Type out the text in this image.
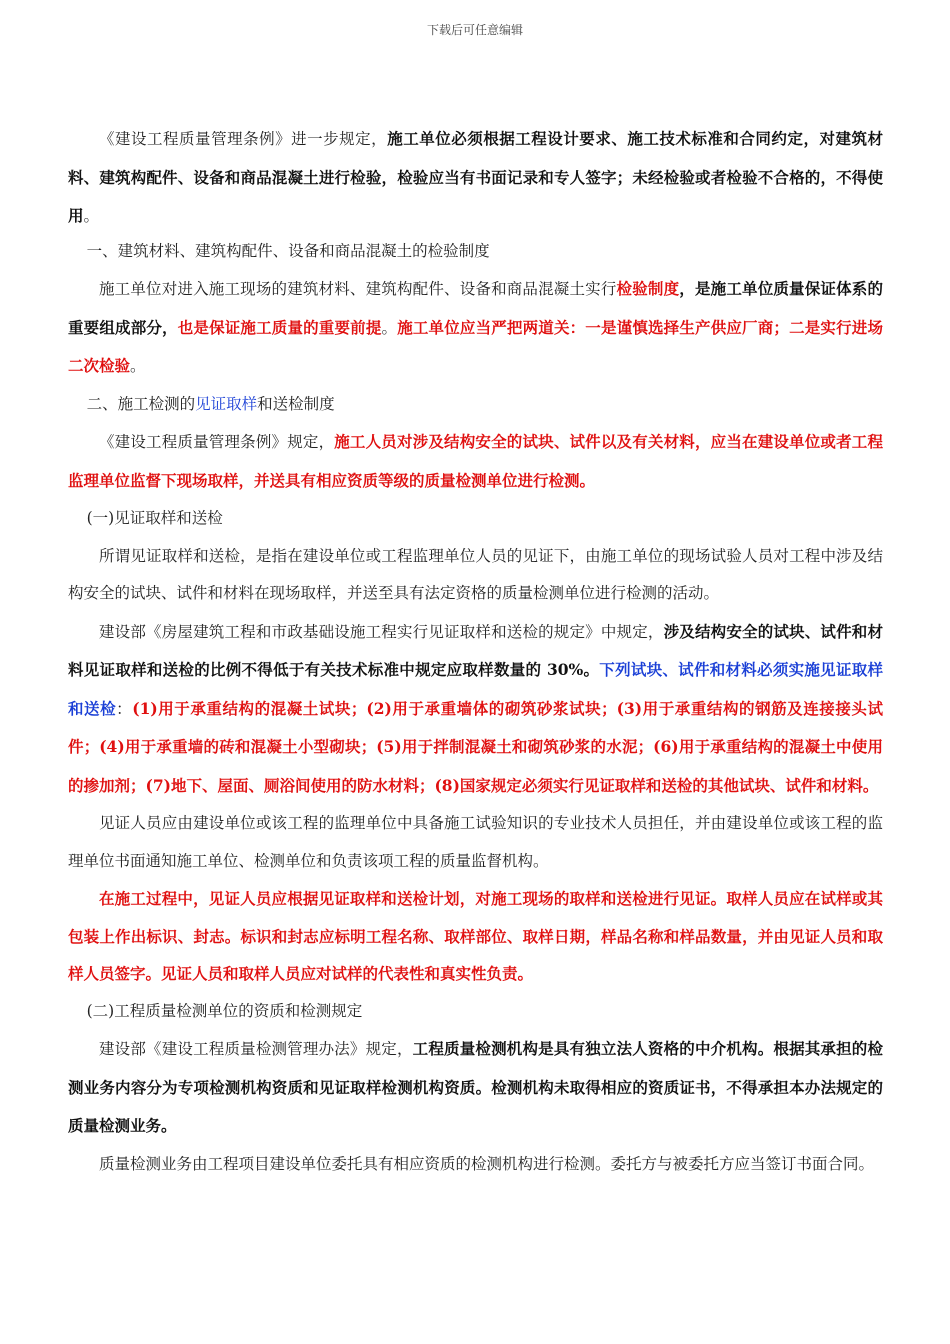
下载后可任意编辑

《建设工程质量管理条例》进一步规定，施工单位必须根据工程设计要求、施工技术标准和合同约定，对建筑材料、建筑构配件、设备和商品混凝土进行检验，检验应当有书面记录和专人签字；未经检验或者检验不合格的，不得使用。

一、建筑材料、建筑构配件、设备和商品混凝土的检验制度

施工单位对进入施工现场的建筑材料、建筑构配件、设备和商品混凝土实行检验制度，是施工单位质量保证体系的重要组成部分，也是保证施工质量的重要前提。施工单位应当严把两道关：一是谨慎选择生产供应厂商；二是实行进场二次检验。

二、施工检测的见证取样和送检制度

《建设工程质量管理条例》规定，施工人员对涉及结构安全的试块、试件以及有关材料，应当在建设单位或者工程监理单位监督下现场取样，并送具有相应资质等级的质量检测单位进行检测。

(一)见证取样和送检

所谓见证取样和送检，是指在建设单位或工程监理单位人员的见证下，由施工单位的现场试验人员对工程中涉及结构安全的试块、试件和材料在现场取样，并送至具有法定资格的质量检测单位进行检测的活动。

建设部《房屋建筑工程和市政基础设施工程实行见证取样和送检的规定》中规定，涉及结构安全的试块、试件和材料见证取样和送检的比例不得低于有关技术标准中规定应取样数量的 30%。下列试块、试件和材料必须实施见证取样和送检：(1)用于承重结构的混凝土试块；(2)用于承重墙体的砌筑砂浆试块；(3)用于承重结构的钢筋及连接接头试件；(4)用于承重墙的砖和混凝土小型砌块；(5)用于拌制混凝土和砌筑砂浆的水泥；(6)用于承重结构的混凝土中使用的掺加剂；(7)地下、屋面、厕浴间使用的防水材料；(8)国家规定必须实行见证取样和送检的其他试块、试件和材料。

见证人员应由建设单位或该工程的监理单位中具备施工试验知识的专业技术人员担任，并由建设单位或该工程的监理单位书面通知施工单位、检测单位和负责该项工程的质量监督机构。

在施工过程中，见证人员应根据见证取样和送检计划，对施工现场的取样和送检进行见证。取样人员应在试样或其包装上作出标识、封志。标识和封志应标明工程名称、取样部位、取样日期，样品名称和样品数量，并由见证人员和取样人员签字。见证人员和取样人员应对试样的代表性和真实性负责。

(二)工程质量检测单位的资质和检测规定

建设部《建设工程质量检测管理办法》规定，工程质量检测机构是具有独立法人资格的中介机构。根据其承担的检测业务内容分为专项检测机构资质和见证取样检测机构资质。检测机构未取得相应的资质证书，不得承担本办法规定的质量检测业务。

质量检测业务由工程项目建设单位委托具有相应资质的检测机构进行检测。委托方与被委托方应当签订书面合同。
